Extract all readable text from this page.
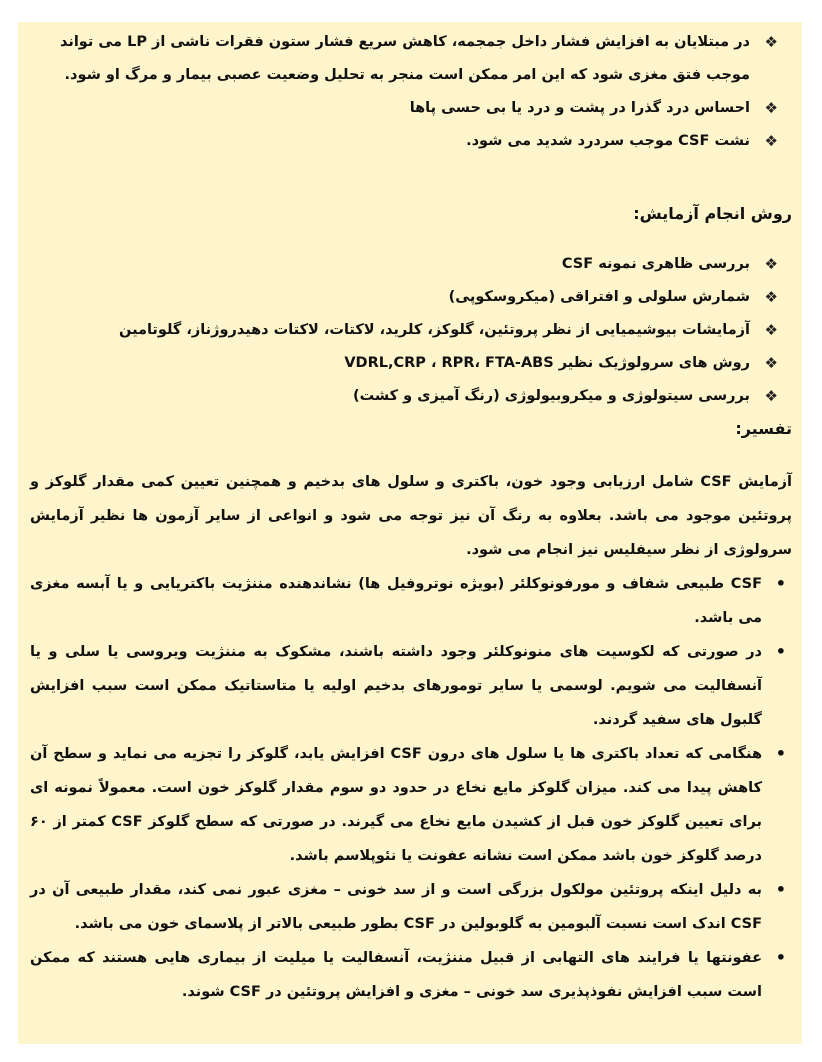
❖
در مبتلایان به افزایش فشار داخل جمجمه، کاهش سریع فشار ستون فقرات ناشی از LP می تواند موجب فتق مغزی شود که این امر ممکن است منجر به تحلیل وضعیت عصبی بیمار و مرگ او شود.
❖
احساس درد گذرا در پشت و درد یا بی حسی پاها
❖
نشت CSF موجب سردرد شدید می شود.

روش انجام آزمایش:

❖
بررسی ظاهری نمونه CSF
❖
شمارش سلولی و افتراقی (میکروسکوپی)
❖
آزمایشات بیوشیمیایی از نظر پروتئین، گلوکز، کلرید، لاکتات، لاکتات دهیدروژناز، گلوتامین
❖
روش های سرولوژیک نظیر VDRL,CRP ، RPR، FTA-ABS
❖
بررسی سیتولوژی و میکروبیولوژی (رنگ آمیزی و کشت)

تفسیر:

آزمایش CSF شامل ارزیابی وجود خون، باکتری و سلول های بدخیم و همچنین تعیین کمی مقدار گلوکز و پروتئین موجود می باشد. بعلاوه به رنگ آن نیز توجه می شود و انواعی از سایر آزمون ها نظیر آزمایش سرولوژی از نظر سیفلیس نیز انجام می شود.

•
CSF طبیعی شفاف و مورفونوکلئر (بویژه نوتروفیل ها) نشاندهنده مننژیت باکتریایی و یا آبسه مغزی می باشد.
•
در صورتی که لکوسیت های منونوکلئر وجود داشته باشند، مشکوک به مننژیت ویروسی یا سلی و یا آنسفالیت می شویم. لوسمی یا سایر تومورهای بدخیم اولیه یا متاستاتیک ممکن است سبب افزایش گلبول های سفید گردند.
•
هنگامی که تعداد باکتری ها یا سلول های درون CSF افزایش یابد، گلوکز را تجزیه می نماید و سطح آن کاهش پیدا می کند. میزان گلوکز مایع نخاع در حدود دو سوم مقدار گلوکز خون است. معمولاً نمونه ای برای تعیین گلوکز خون قبل از کشیدن مایع نخاع می گیرند. در صورتی که سطح گلوکز CSF کمتر از ۶۰ درصد گلوکز خون باشد ممکن است نشانه عفونت یا نئوپلاسم باشد.
•
به دلیل اینکه پروتئین مولکول بزرگی است و از سد خونی – مغزی عبور نمی کند، مقدار طبیعی آن در CSF اندک است نسبت آلبومین به گلوبولین در CSF بطور طبیعی بالاتر از پلاسمای خون می باشد.
•
عفونتها یا فرایند های التهابی از قبیل مننژیت، آنسفالیت یا میلیت از بیماری هایی هستند که ممکن است سبب افزایش نفوذپذیری سد خونی – مغزی و افزایش پروتئین در CSF شوند.
